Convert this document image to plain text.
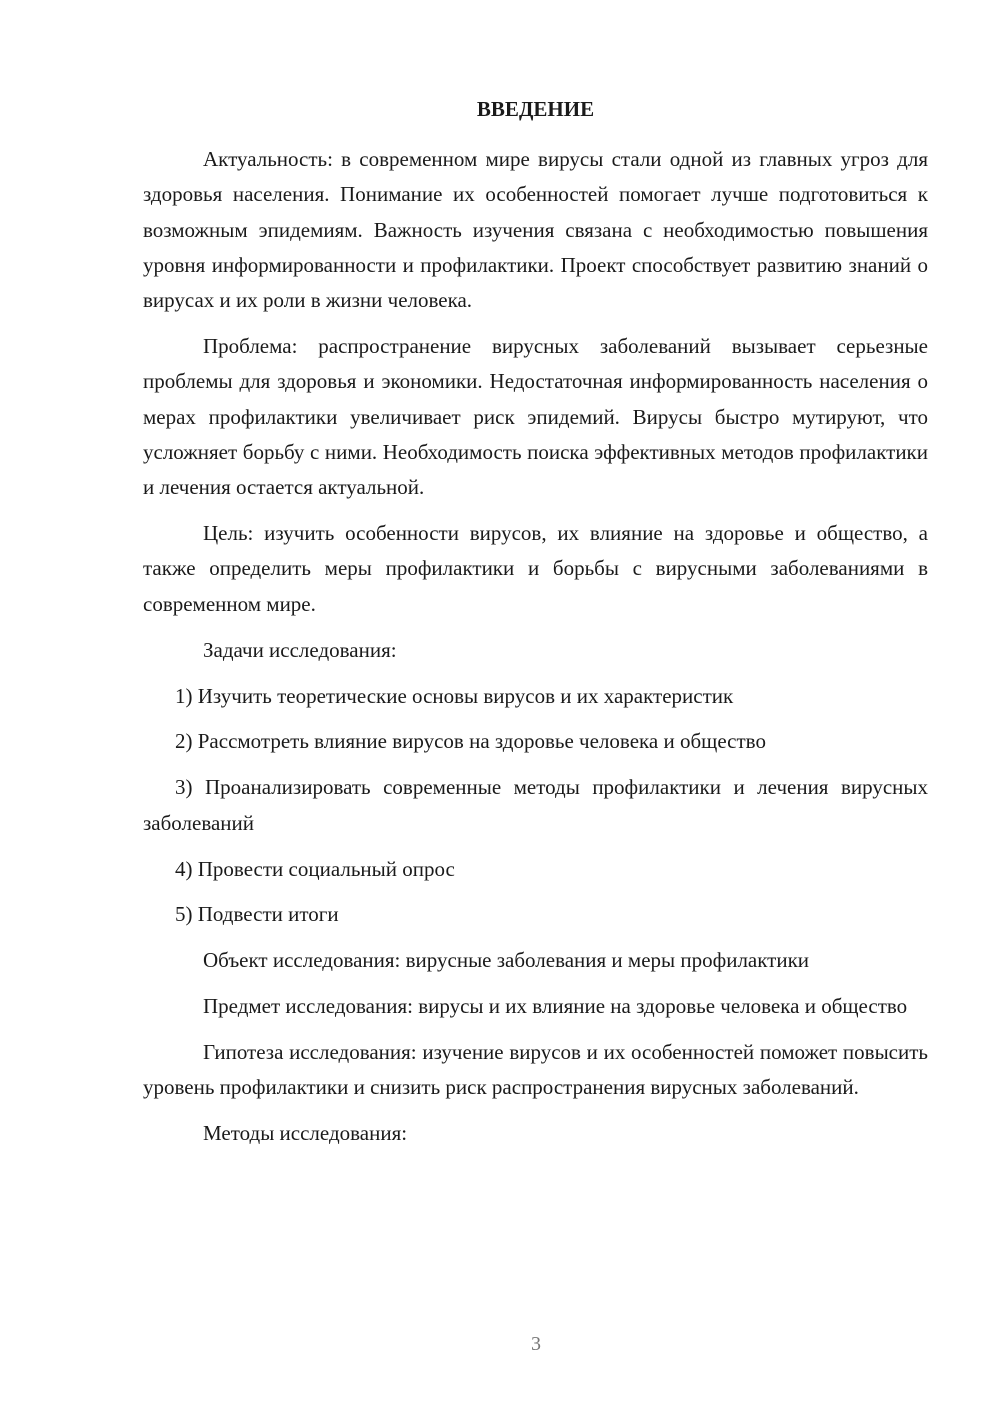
ВВЕДЕНИЕ

Актуальность: в современном мире вирусы стали одной из главных угроз для здоровья населения. Понимание их особенностей помогает лучше подготовиться к возможным эпидемиям. Важность изучения связана с необходимостью повышения уровня информированности и профилактики. Проект способствует развитию знаний о вирусах и их роли в жизни человека.

Проблема: распространение вирусных заболеваний вызывает серьезные проблемы для здоровья и экономики. Недостаточная информированность населения о мерах профилактики увеличивает риск эпидемий. Вирусы быстро мутируют, что усложняет борьбу с ними. Необходимость поиска эффективных методов профилактики и лечения остается актуальной.

Цель: изучить особенности вирусов, их влияние на здоровье и общество, а также определить меры профилактики и борьбы с вирусными заболеваниями в современном мире.

Задачи исследования:

1) Изучить теоретические основы вирусов и их характеристик

2) Рассмотреть влияние вирусов на здоровье человека и общество

3) Проанализировать современные методы профилактики и лечения вирусных заболеваний

4) Провести социальный опрос

5) Подвести итоги

Объект исследования: вирусные заболевания и меры профилактики

Предмет исследования: вирусы и их влияние на здоровье человека и общество

Гипотеза исследования: изучение вирусов и их особенностей поможет повысить уровень профилактики и снизить риск распространения вирусных заболеваний.

Методы исследования:

3
